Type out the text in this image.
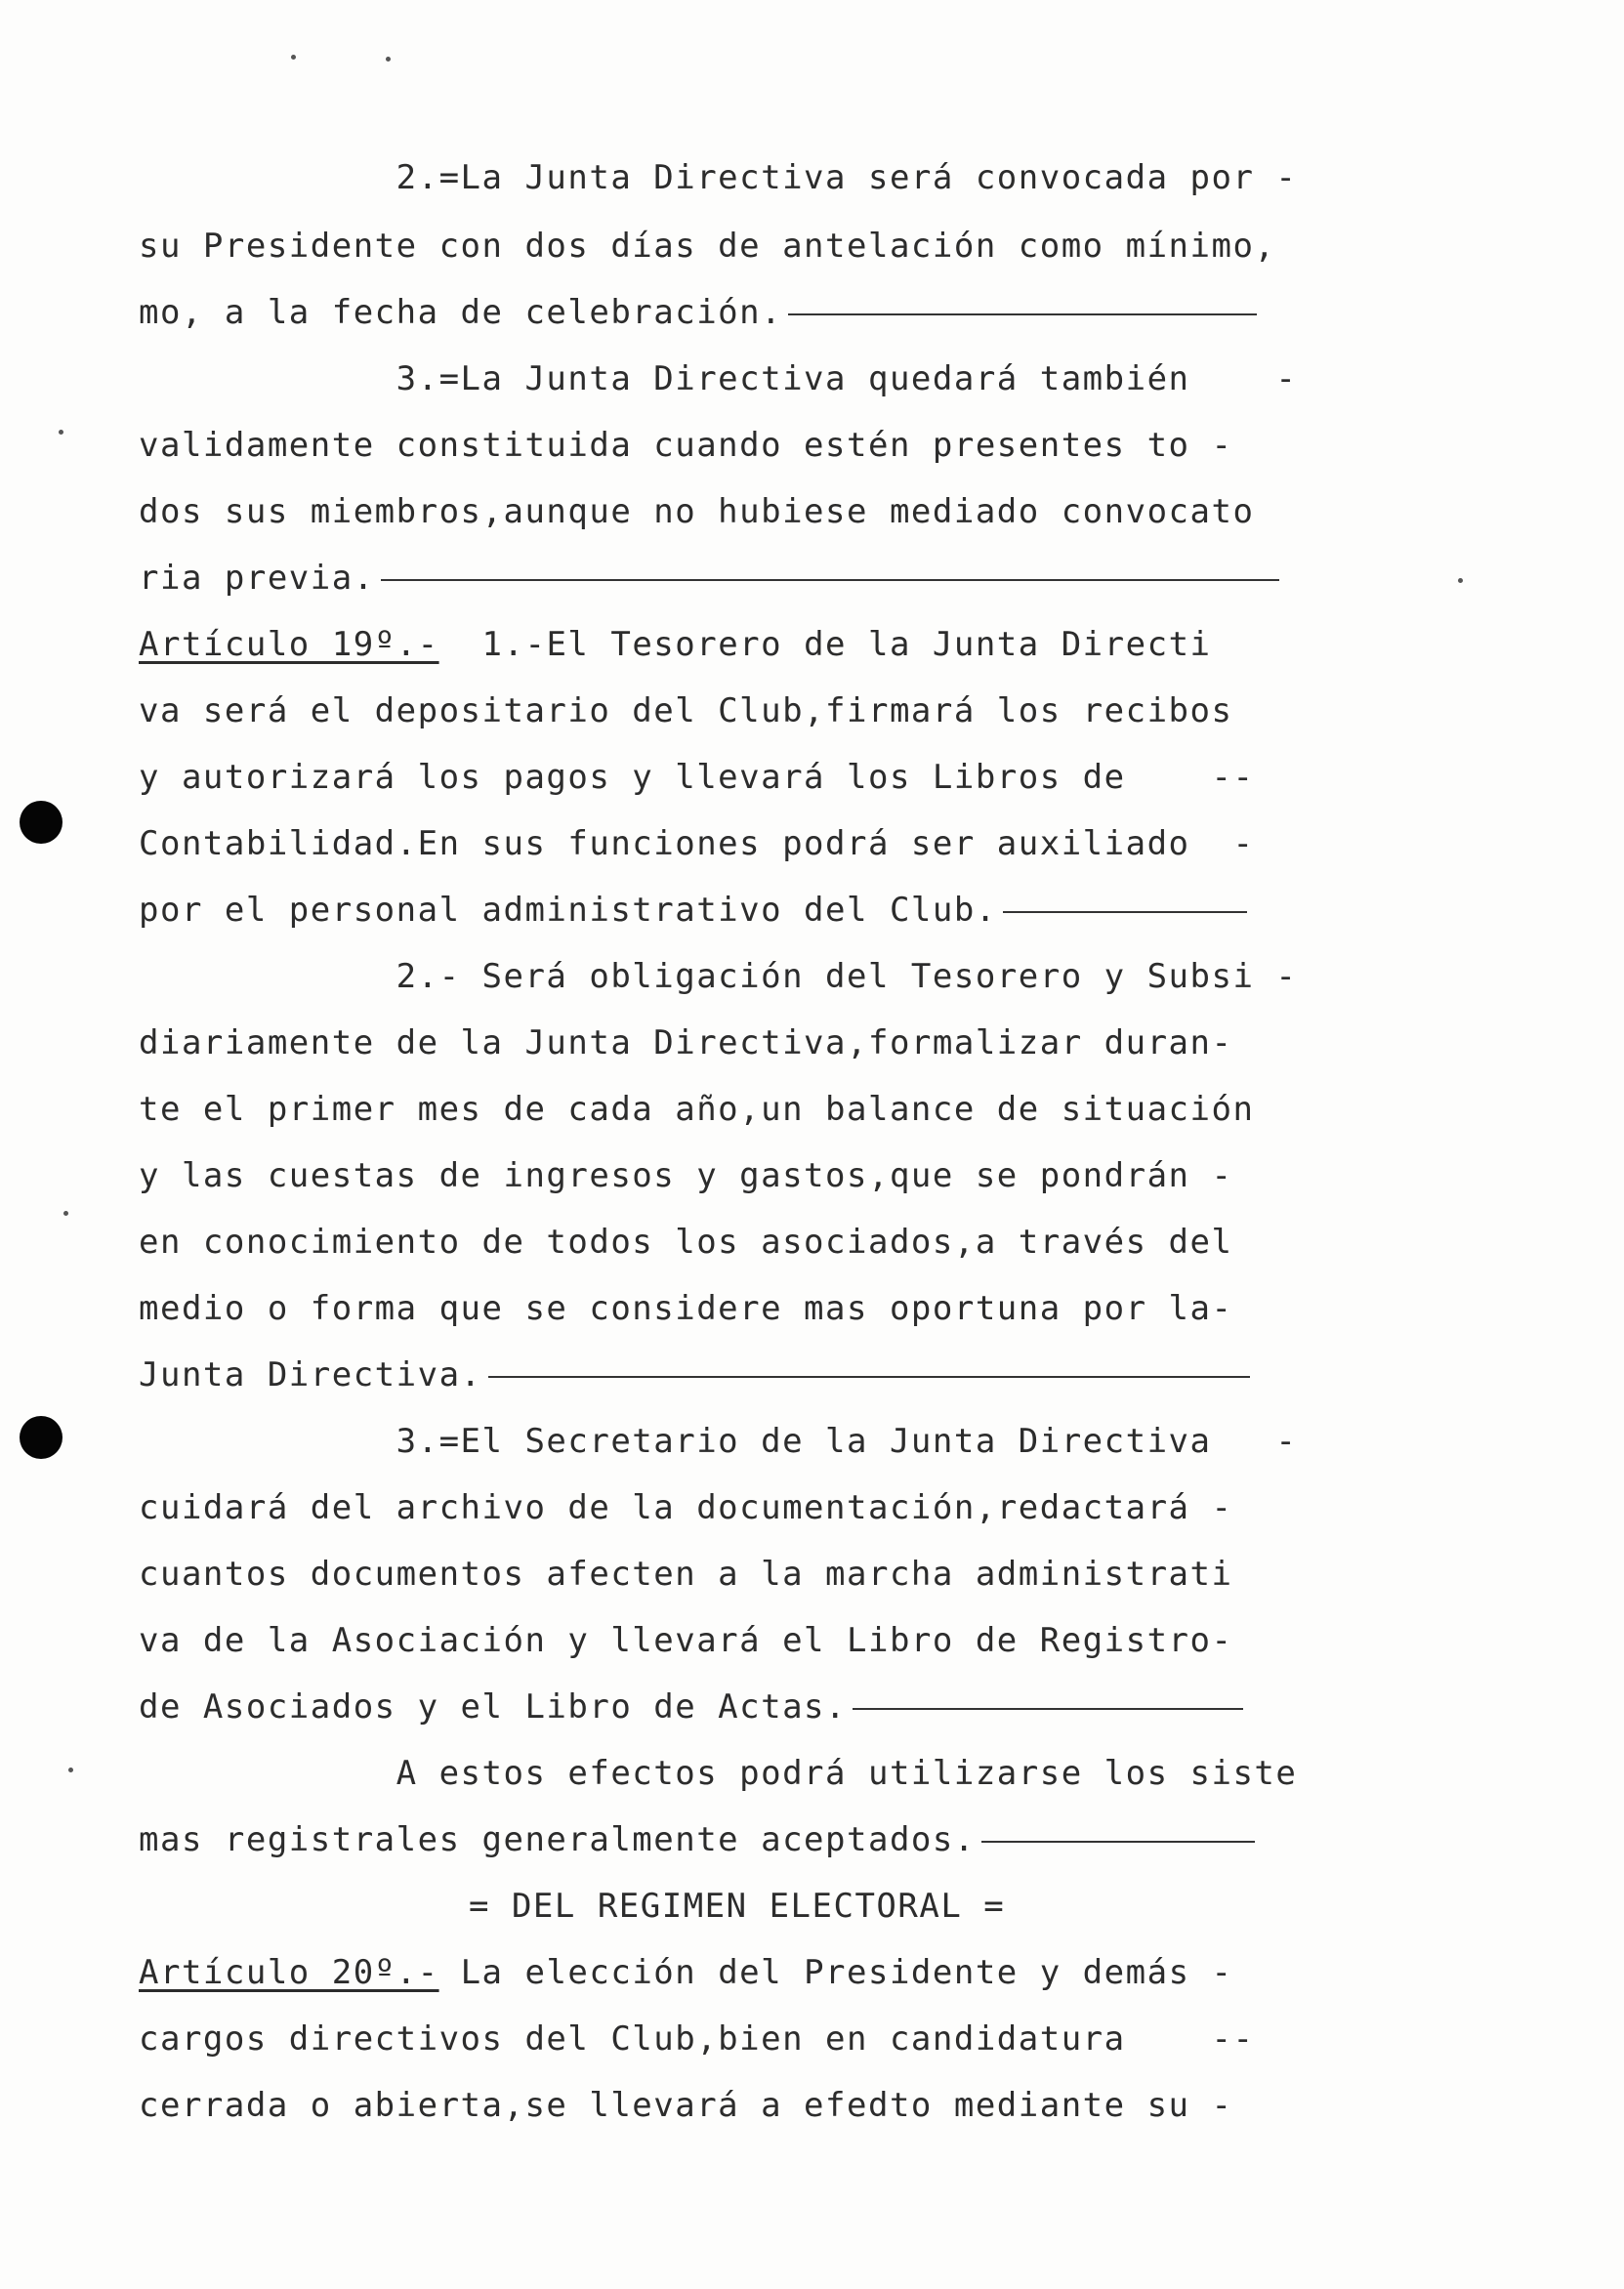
2.=La Junta Directiva será convocada por -
su Presidente con dos días de antelación como mínimo,
mo, a la fecha de celebración.
3.=La Junta Directiva quedará también    -
validamente constituida cuando estén presentes to -
dos sus miembros,aunque no hubiese mediado convocato
ria previa.
Artículo 19º.- 1.-El Tesorero de la Junta Directi
va será el depositario del Club,firmará los recibos
y autorizará los pagos y llevará los Libros de    --
Contabilidad.En sus funciones podrá ser auxiliado  -
por el personal administrativo del Club.
2.- Será obligación del Tesorero y Subsi -
diariamente de la Junta Directiva,formalizar duran-
te el primer mes de cada año,un balance de situación
y las cuestas de ingresos y gastos,que se pondrán -
en conocimiento de todos los asociados,a través del
medio o forma que se considere mas oportuna por la-
Junta Directiva.
3.=El Secretario de la Junta Directiva   -
cuidará del archivo de la documentación,redactará -
cuantos documentos afecten a la marcha administrati
va de la Asociación y llevará el Libro de Registro-
de Asociados y el Libro de Actas.
A estos efectos podrá utilizarse los siste
mas registrales generalmente aceptados.
= DEL REGIMEN ELECTORAL =
Artículo 20º.- La elección del Presidente y demás -
cargos directivos del Club,bien en candidatura    --
cerrada o abierta,se llevará a efedto mediante su -
